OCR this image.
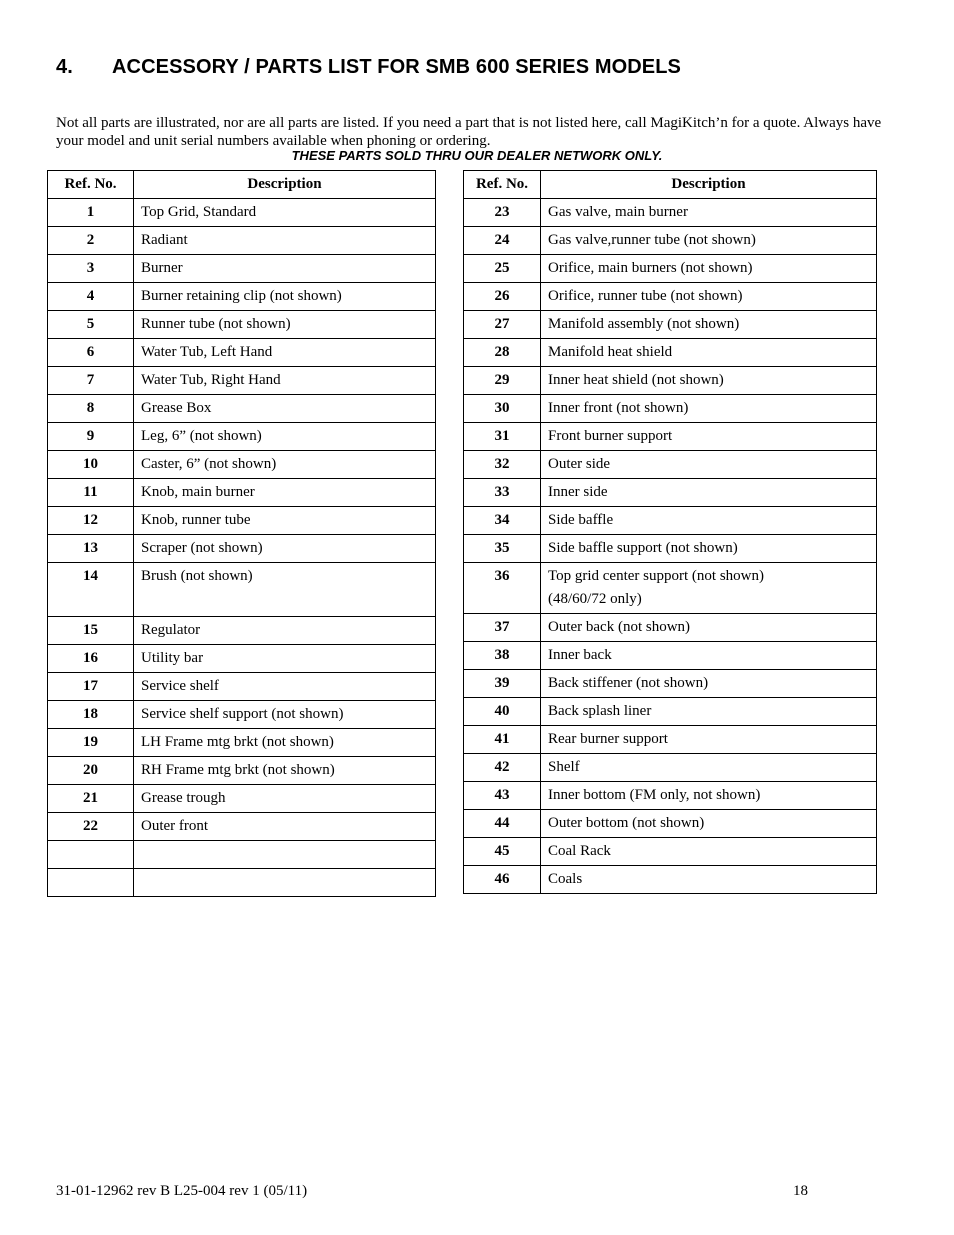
4. ACCESSORY / PARTS LIST FOR SMB 600 SERIES MODELS
Not all parts are illustrated, nor are all parts are listed. If you need a part that is not listed here, call MagiKitch’n for a quote. Always have your model and unit serial numbers available when phoning or ordering.
THESE PARTS SOLD THRU OUR DEALER NETWORK ONLY.
Ref. No.	Description
1	Top Grid, Standard

2	Radiant

3	Burner

4	Burner retaining clip (not shown)

5	Runner tube (not shown)

6	Water Tub, Left Hand

7	Water Tub, Right Hand

8	Grease Box

9	Leg, 6” (not shown)

10	Caster, 6” (not shown)

11	Knob, main burner

12	Knob, runner tube

13	Scraper (not shown)

14	Brush (not shown)

15	Regulator

16	Utility bar

17	Service shelf

18	Service shelf support (not shown)

19	LH Frame mtg brkt (not shown)

20	RH Frame mtg brkt (not shown)

21	Grease trough

22	Outer front

Ref. No.	Description
23	Gas valve, main burner

24	Gas valve,runner tube (not shown)

25	Orifice, main burners (not shown)

26	Orifice, runner tube (not shown)

27	Manifold assembly (not shown)

28	Manifold heat shield

29	Inner heat shield (not shown)

30	Inner front (not shown)

31	Front burner support

32	Outer side

33	Inner side

34	Side baffle

35	Side baffle support (not shown)

36	Top grid center support (not shown)
(48/60/72 only)

37	Outer back (not shown)

38	Inner back

39	Back stiffener (not shown)

40	Back splash liner

41	Rear burner support

42	Shelf

43	Inner bottom (FM only, not shown)

44	Outer bottom (not shown)

45	Coal Rack

46	Coals
31-01-12962 rev B L25-004 rev 1 (05/11)	18
